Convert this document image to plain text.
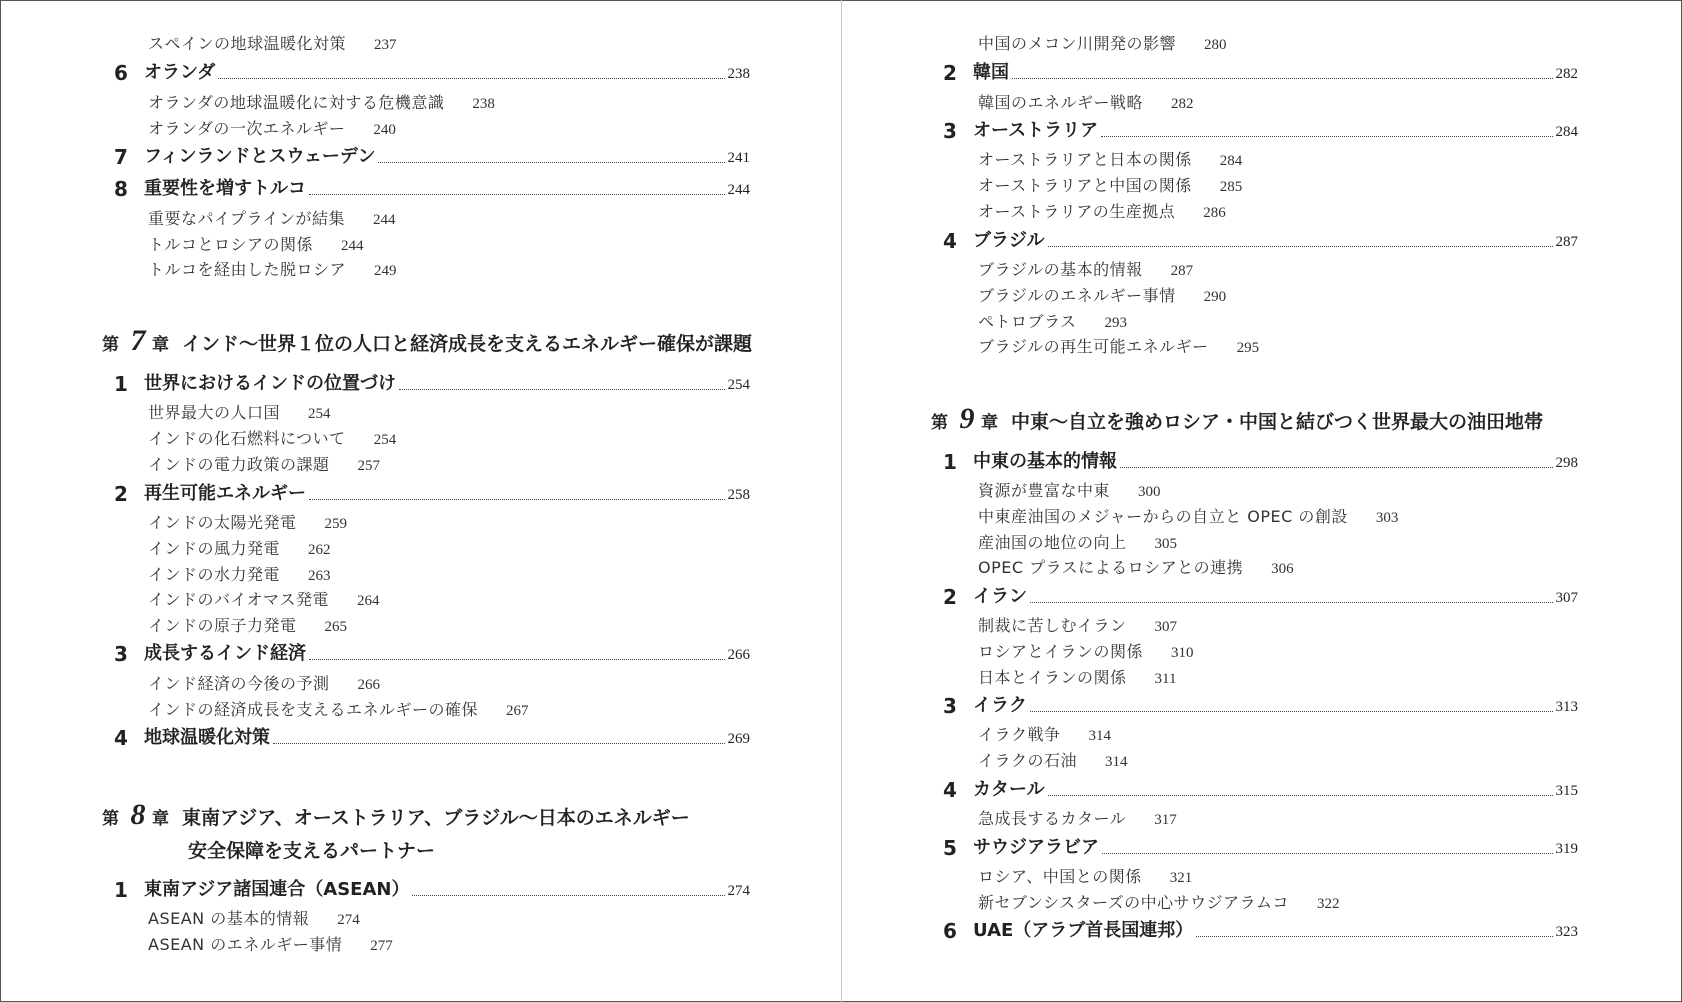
スペインの地球温暖化対策 237
6 オランダ	238
オランダの地球温暖化に対する危機意識 238
オランダの一次エネルギー 240
7 フィンランドとスウェーデン	241
8 重要性を増すトルコ	244
重要なパイプラインが結集 244
トルコとロシアの関係 244
トルコを経由した脱ロシア 249
第 7 章 インド〜世界１位の人口と経済成長を支えるエネルギー確保が課題
1 世界におけるインドの位置づけ	254
世界最大の人口国 254
インドの化石燃料について 254
インドの電力政策の課題 257
2 再生可能エネルギー	258
インドの太陽光発電 259
インドの風力発電 262
インドの水力発電 263
インドのバイオマス発電 264
インドの原子力発電 265
3 成長するインド経済	266
インド経済の今後の予測 266
インドの経済成長を支えるエネルギーの確保 267
4 地球温暖化対策	269
第 8 章 東南アジア、オーストラリア、ブラジル〜日本のエネルギー
安全保障を支えるパートナー
1 東南アジア諸国連合（ASEAN）	274
ASEAN の基本的情報 274
ASEAN のエネルギー事情 277
中国のメコン川開発の影響 280
2 韓国	282
韓国のエネルギー戦略 282
3 オーストラリア	284
オーストラリアと日本の関係 284
オーストラリアと中国の関係 285
オーストラリアの生産拠点 286
4 ブラジル	287
ブラジルの基本的情報 287
ブラジルのエネルギー事情 290
ペトロブラス 293
ブラジルの再生可能エネルギー 295
第 9 章 中東〜自立を強めロシア・中国と結びつく世界最大の油田地帯
1 中東の基本的情報	298
資源が豊富な中東 300
中東産油国のメジャーからの自立と OPEC の創設 303
産油国の地位の向上 305
OPEC プラスによるロシアとの連携 306
2 イラン	307
制裁に苦しむイラン 307
ロシアとイランの関係 310
日本とイランの関係 311
3 イラク	313
イラク戦争 314
イラクの石油 314
4 カタール	315
急成長するカタール 317
5 サウジアラビア	319
ロシア、中国との関係 321
新セブンシスターズの中心サウジアラムコ 322
6 UAE（アラブ首長国連邦）	323
